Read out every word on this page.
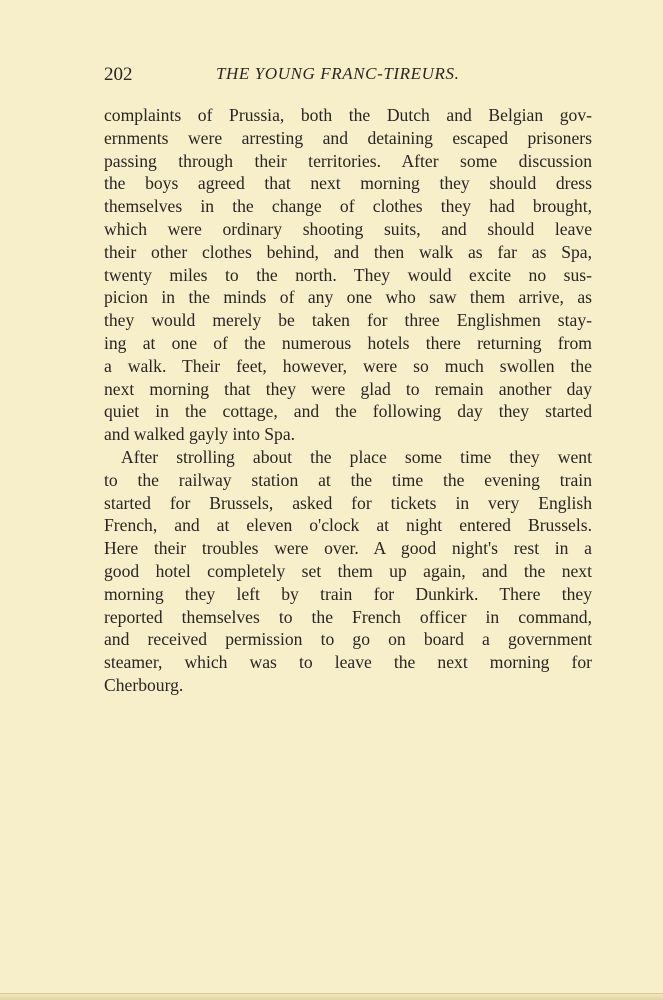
202	THE YOUNG FRANC-TIREURS.
complaints of Prussia, both the Dutch and Belgian gov-
ernments were arresting and detaining escaped prisoners
passing through their territories. After some discussion
the boys agreed that next morning they should dress
themselves in the change of clothes they had brought,
which were ordinary shooting suits, and should leave
their other clothes behind, and then walk as far as Spa,
twenty miles to the north. They would excite no sus-
picion in the minds of any one who saw them arrive, as
they would merely be taken for three Englishmen stay-
ing at one of the numerous hotels there returning from
a walk. Their feet, however, were so much swollen the
next morning that they were glad to remain another day
quiet in the cottage, and the following day they started
and walked gayly into Spa.
After strolling about the place some time they went
to the railway station at the time the evening train
started for Brussels, asked for tickets in very English
French, and at eleven o'clock at night entered Brussels.
Here their troubles were over. A good night's rest in a
good hotel completely set them up again, and the next
morning they left by train for Dunkirk. There they
reported themselves to the French officer in command,
and received permission to go on board a government
steamer, which was to leave the next morning for
Cherbourg.
